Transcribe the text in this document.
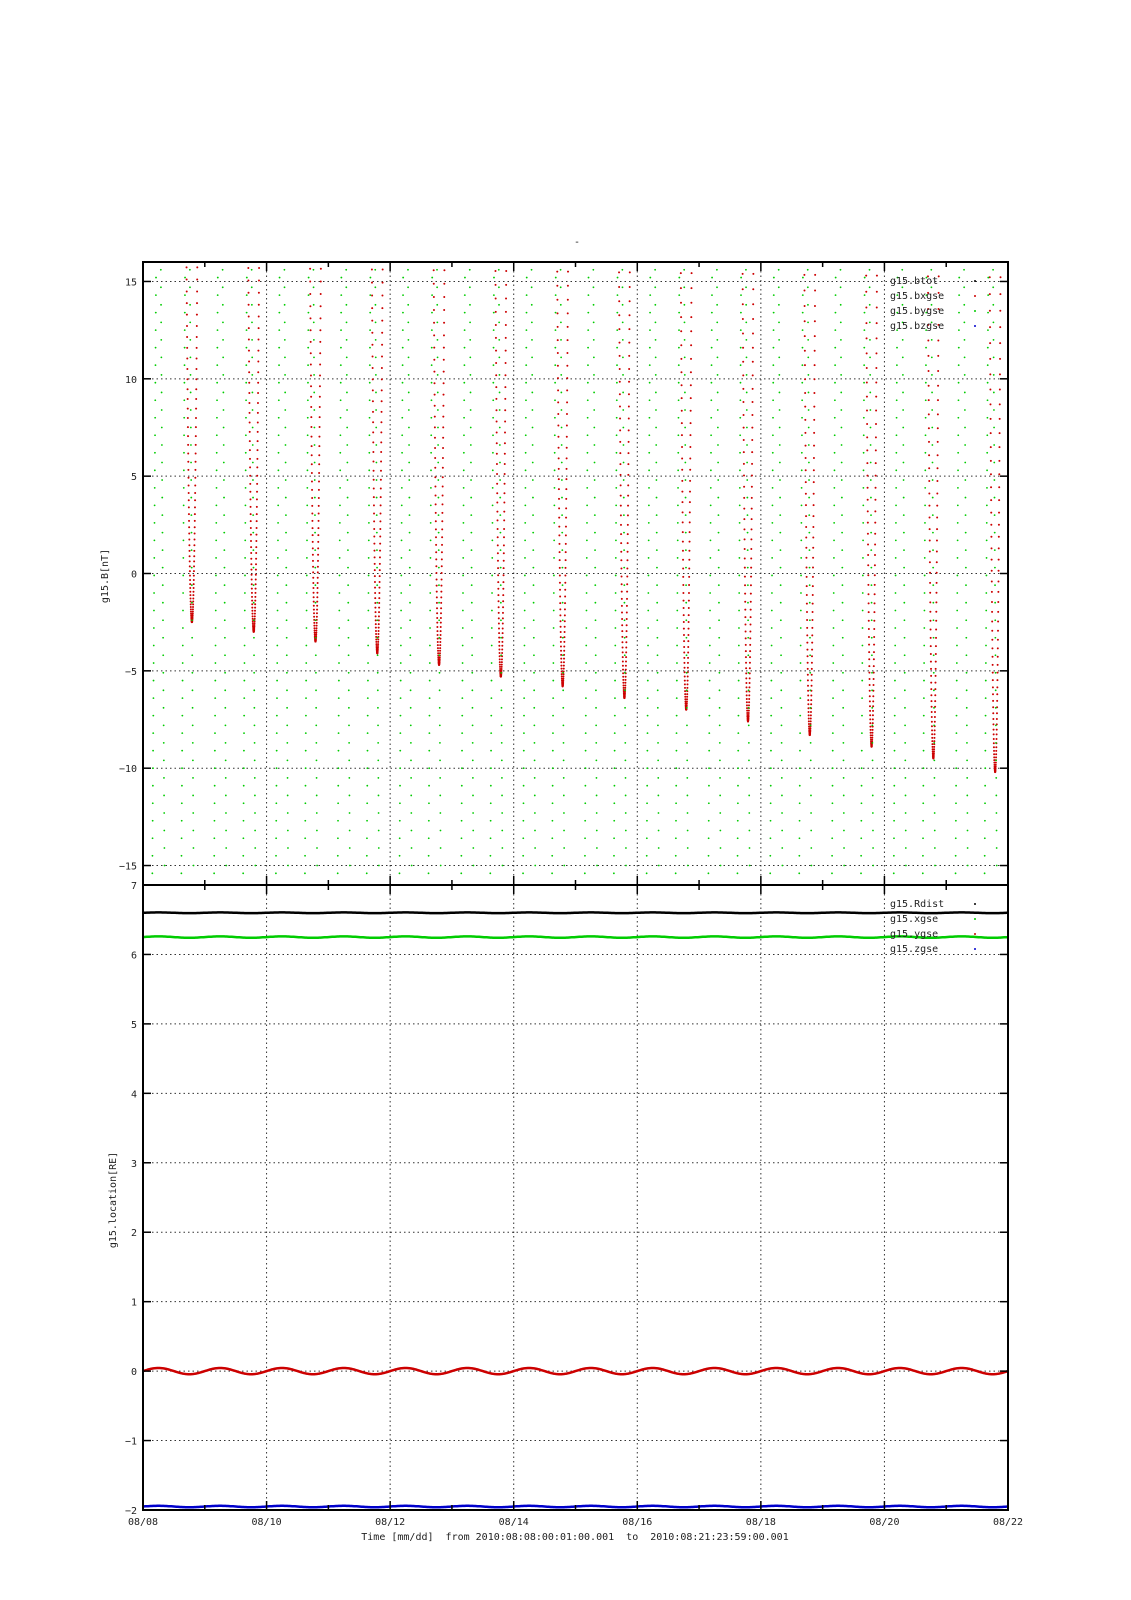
-
−15
−10
−5
0
5
10
15
g15.B[nT]
g15.btot
g15.bxgse
g15.bygse
g15.bzgse
−2
−1
0
1
2
3
4
5
6
7
08/08	08/10	08/12	08/14	08/16	08/18	08/20	08/22
g15.location[RE]
g15.Rdist
g15.xgse
g15.ygse
g15.zgse
Time [mm/dd]  from 2010:08:08:00:01:00.001  to  2010:08:21:23:59:00.001
